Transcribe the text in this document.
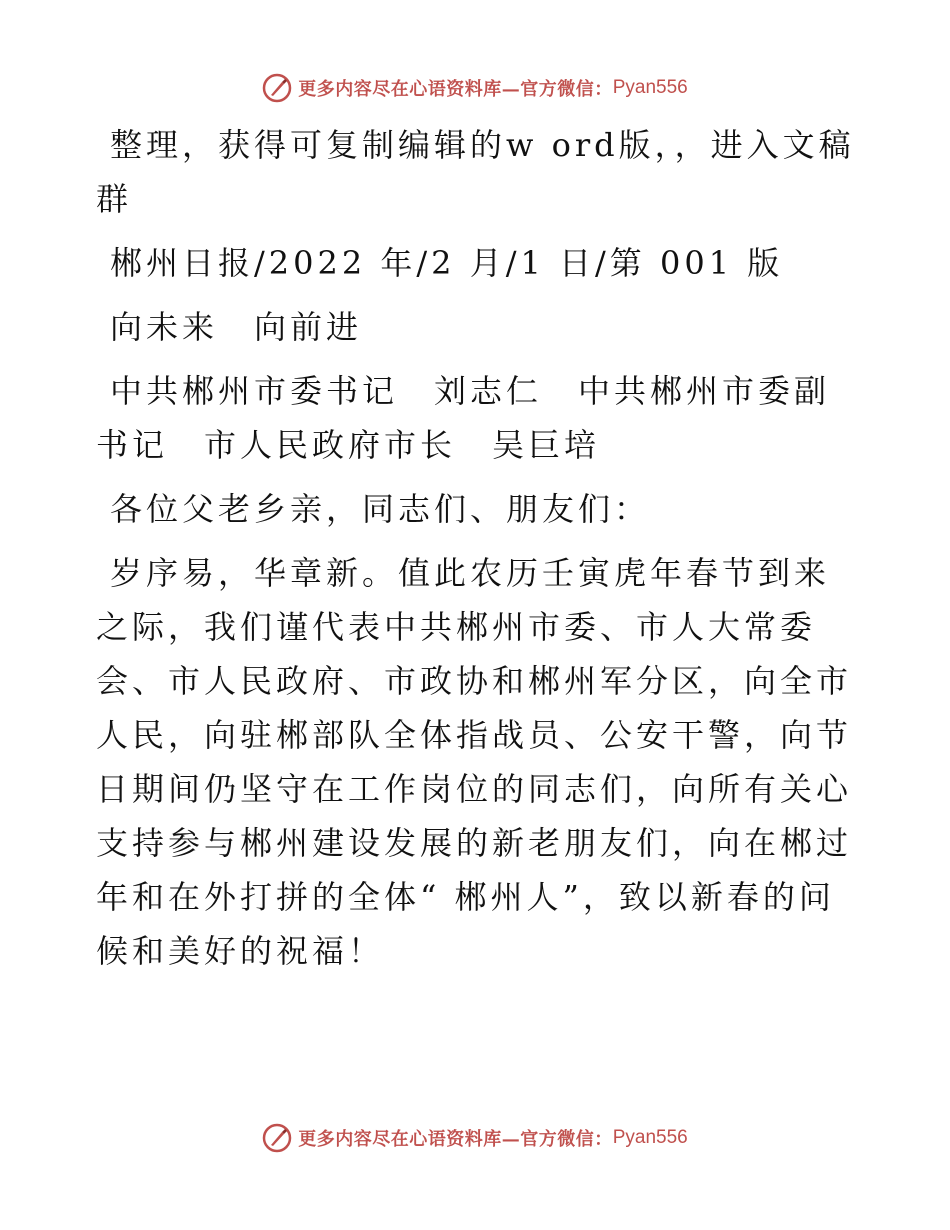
更多内容尽在心语资料库—官方微信： Pyan556

整理，获得可复制编辑的w ord版，，进入文稿群

郴州日报/2022 年/2 月/1 日/第 001 版

向未来　向前进

中共郴州市委书记　刘志仁　中共郴州市委副书记　市人民政府市长　吴巨培

各位父老乡亲，同志们、朋友们：

岁序易，华章新。值此农历壬寅虎年春节到来之际，我们谨代表中共郴州市委、市人大常委会、市人民政府、市政协和郴州军分区，向全市人民，向驻郴部队全体指战员、公安干警，向节日期间仍坚守在工作岗位的同志们，向所有关心支持参与郴州建设发展的新老朋友们，向在郴过年和在外打拼的全体“ 郴州人”，致以新春的问候和美好的祝福！

更多内容尽在心语资料库—官方微信： Pyan556
